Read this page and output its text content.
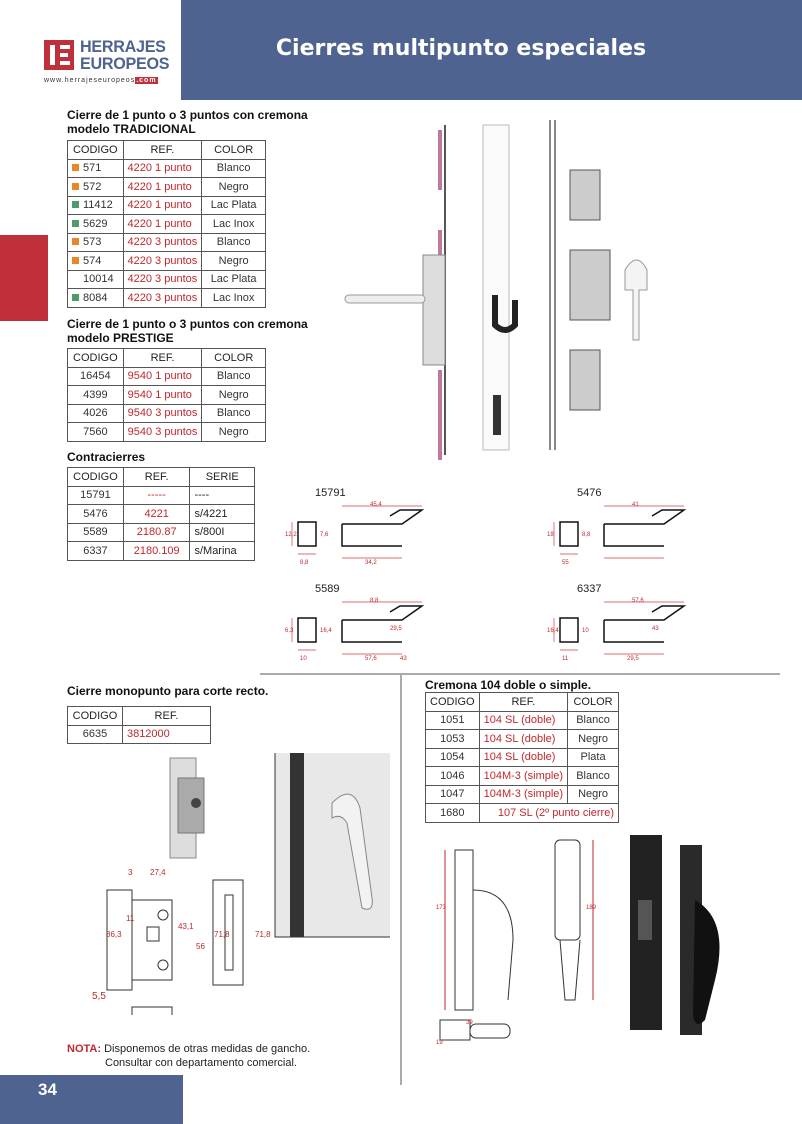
Cierres multipunto especiales
HERRAJES
EUROPEOS
www.herrajeseuropeos.com
34
Cierre de 1 punto o 3 puntos con cremona
modelo TRADICIONAL
CODIGO	REF.	COLOR
571	4220 1 punto	Blanco
572	4220 1 punto	Negro
11412	4220 1 punto	Lac Plata
5629	4220 1 punto	Lac Inox
573	4220 3 puntos	Blanco
574	4220 3 puntos	Negro
10014	4220 3 puntos	Lac Plata
8084	4220 3 puntos	Lac Inox
Cierre de 1 punto o 3 puntos con cremona
modelo PRESTIGE
CODIGO	REF.	COLOR
16454	9540 1 punto	Blanco
4399	9540 1 punto	Negro
4026	9540 3 puntos	Blanco
7560	9540 3 puntos	Negro
Contracierres
CODIGO	REF.	SERIE
15791	-----	----
5476	4221	s/4221
5589	2180.87	s/800I
6337	2180.109	s/Marina
15791
12,2	7,6
8,8
45,4
34,2
5476
18	8,8
55
41
5589
6,3	16,4
10
8,8
57,6
29,5
43
6337
16,4	10
11
57,6
29,5
43
Cierre monopunto para corte recto.
CODIGO	REF.
6635	3812000
3 27,4
11
86,3
43,1
56
71,8	71,8
5,5
NOTA: Disponemos de otras medidas de gancho.
Consultar con departamento comercial.
Cremona 104 doble o simple.
CODIGO	REF.	COLOR
1051	104 SL (doble)	Blanco
1053	104 SL (doble)	Negro
1054	104 SL (doble)	Plata
1046	104M-3 (simple)	Blanco
1047	104M-3 (simple)	Negro
1680	107 SL (2º punto cierre)	
173	189
39
19
